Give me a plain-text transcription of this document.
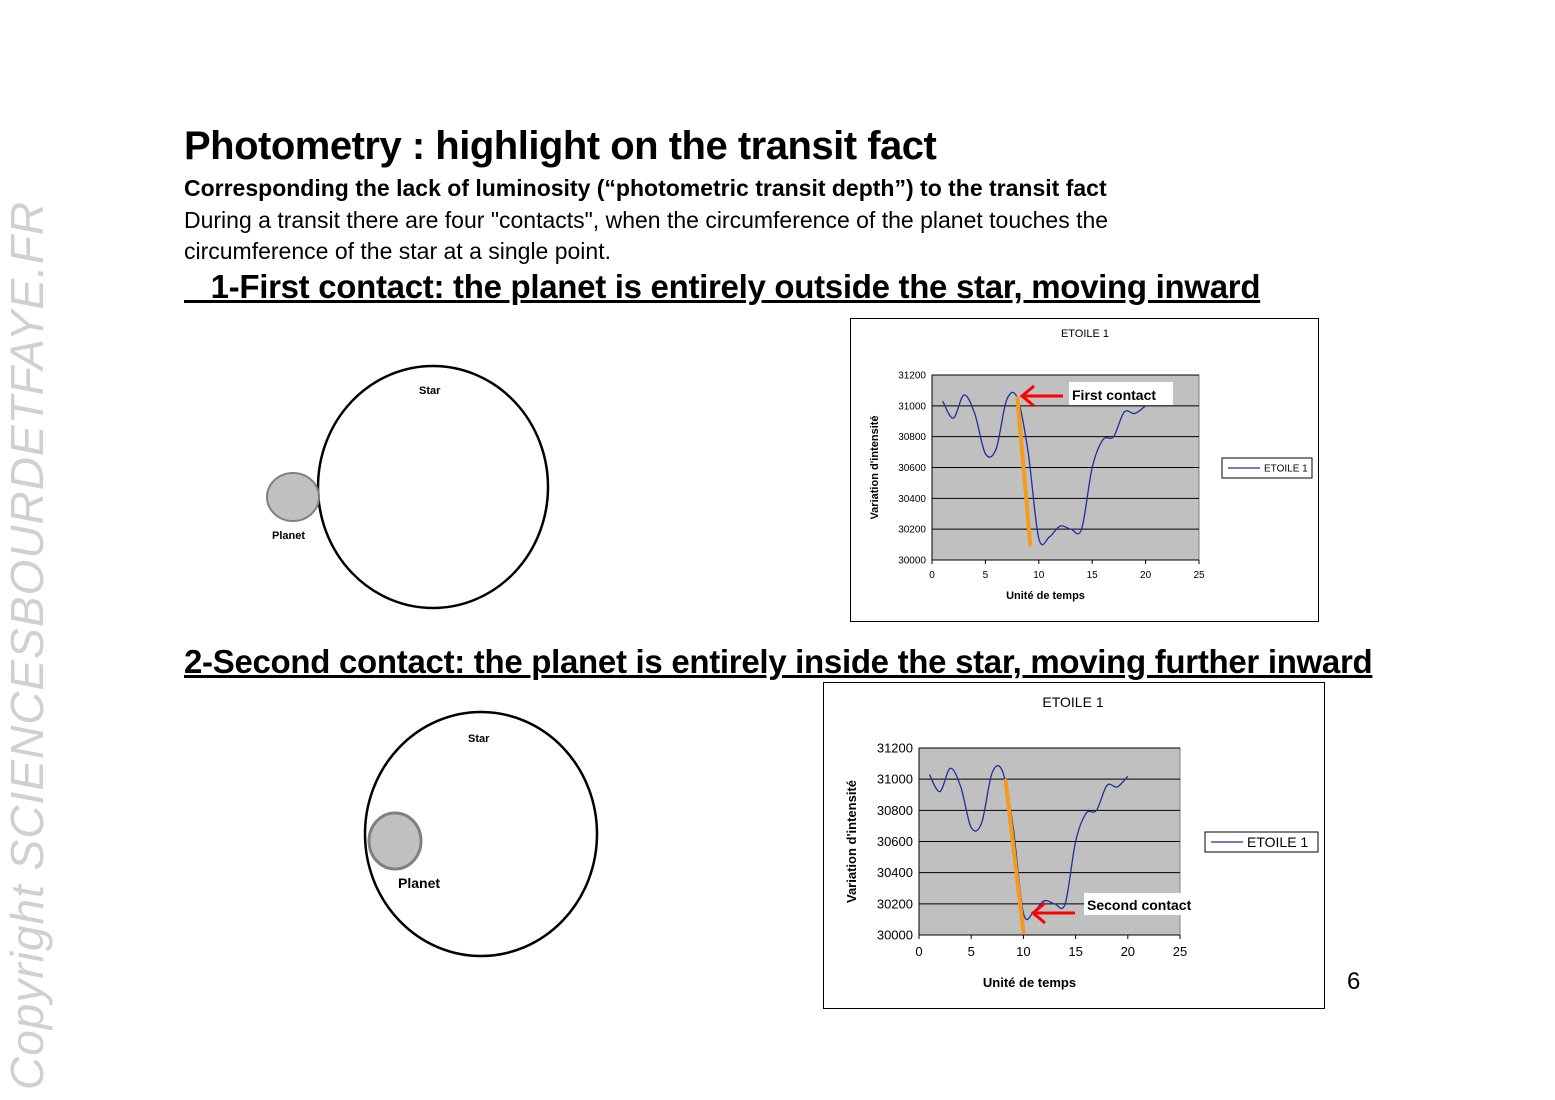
Copyright SCIENCESBOURDETFAYE.FR
Photometry : highlight on the transit fact
Corresponding the lack of luminosity (“photometric transit depth”) to the transit fact
During a transit there are four "contacts", when the circumference of the planet touches the circumference of the star at a single point.
1-First contact: the planet is entirely outside the star, moving inward
2-Second contact: the planet is entirely inside the star, moving further inward
6
Star
Planet
Star
Planet
ETOILE 1
30000
30200
30400
30600
30800
31000
31200
0	5	10	15	20	25
Unité de temps
Variation d'intensité
First contact
ETOILE 1
ETOILE 1
30000
30200
30400
30600
30800
31000
31200
0	5	10	15	20	25
Unité de temps
Variation d'intensité
Second contact
ETOILE 1
